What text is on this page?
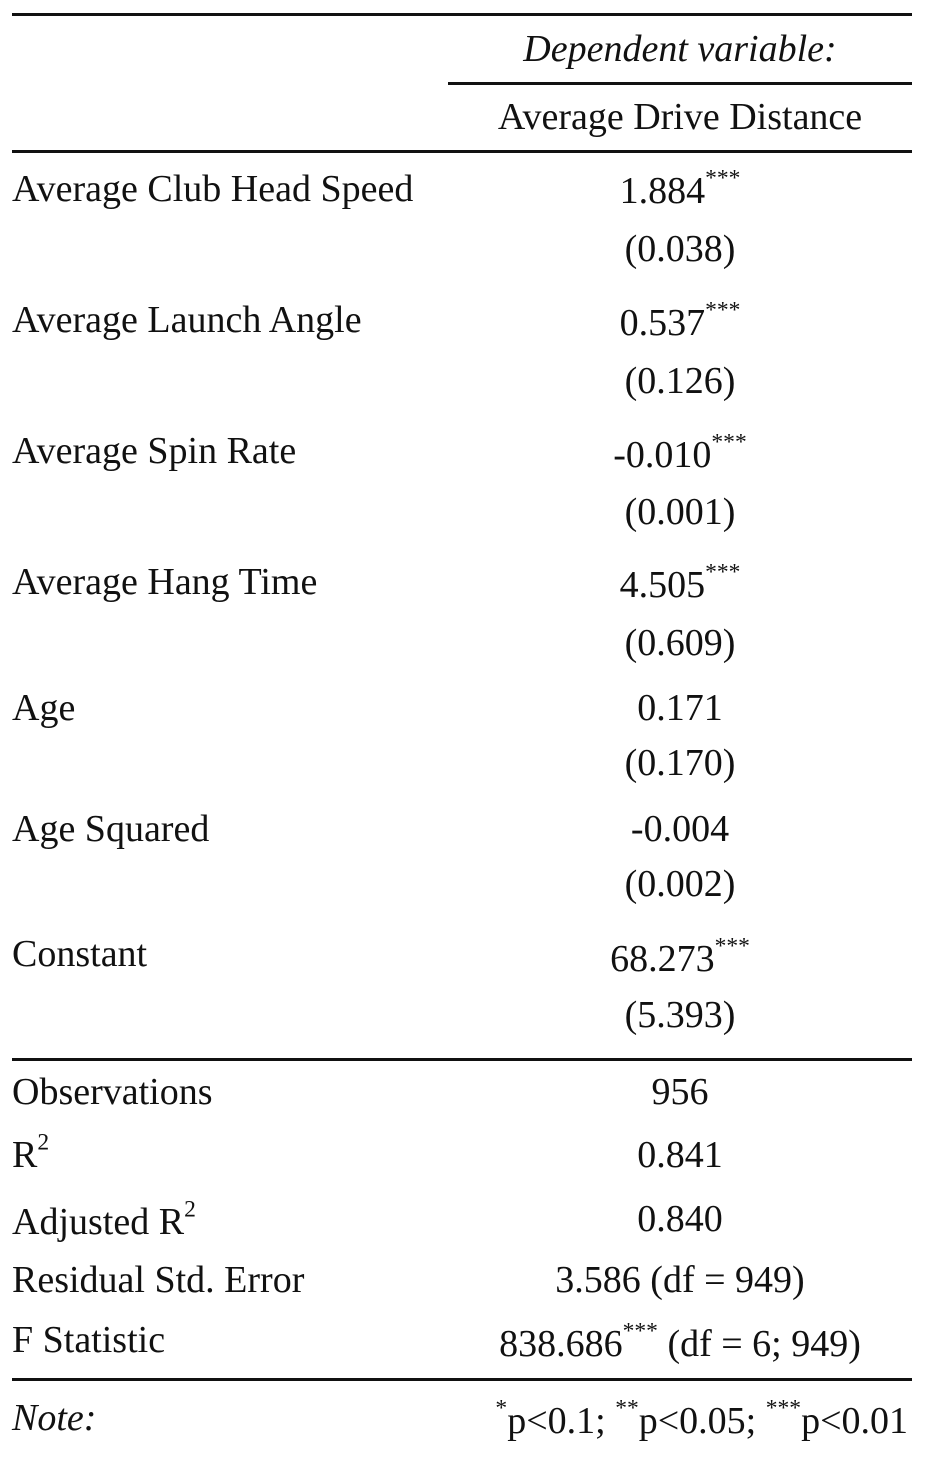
Dependent variable:
Average Drive Distance
Average Club Head Speed	1.884***
(0.038)
Average Launch Angle	0.537***
(0.126)
Average Spin Rate	-0.010***
(0.001)
Average Hang Time	4.505***
(0.609)
Age	0.171
(0.170)
Age Squared	-0.004
(0.002)
Constant	68.273***
(5.393)
Observations	956
$R^2$	0.841
Adjusted $R^2$	0.840
Residual Std. Error	3.586 (df = 949)
F Statistic	838.686*** (df = 6; 949)
Note:	*p<0.1; **p<0.05; ***p<0.01
